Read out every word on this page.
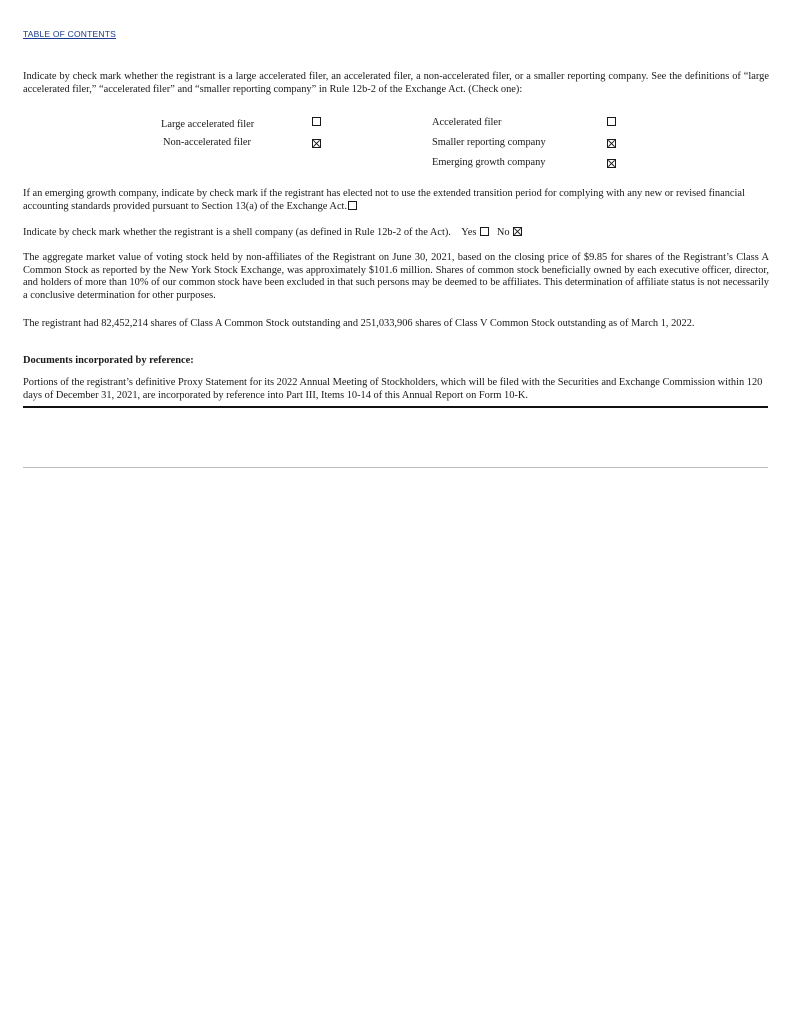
TABLE OF CONTENTS

Indicate by check mark whether the registrant is a large accelerated filer, an accelerated filer, a non-accelerated filer, or a smaller reporting company. See the definitions of “large accelerated filer,” “accelerated filer” and “smaller reporting company” in Rule 12b-2 of the Exchange Act. (Check one):

Large accelerated filer
Non-accelerated filer
Accelerated filer
Smaller reporting company
Emerging growth company

If an emerging growth company, indicate by check mark if the registrant has elected not to use the extended transition period for complying with any new or revised financial accounting standards provided pursuant to Section 13(a) of the Exchange Act.

Indicate by check mark whether the registrant is a shell company (as defined in Rule 12b-2 of the Act). Yes No

The aggregate market value of voting stock held by non-affiliates of the Registrant on June 30, 2021, based on the closing price of $9.85 for shares of the Registrant’s Class A Common Stock as reported by the New York Stock Exchange, was approximately $101.6 million. Shares of common stock beneficially owned by each executive officer, director, and holders of more than 10% of our common stock have been excluded in that such persons may be deemed to be affiliates. This determination of affiliate status is not necessarily a conclusive determination for other purposes.

The registrant had 82,452,214 shares of Class A Common Stock outstanding and 251,033,906 shares of Class V Common Stock outstanding as of March 1, 2022.

Documents incorporated by reference:

Portions of the registrant’s definitive Proxy Statement for its 2022 Annual Meeting of Stockholders, which will be filed with the Securities and Exchange Commission within 120 days of December 31, 2021, are incorporated by reference into Part III, Items 10-14 of this Annual Report on Form 10-K.
